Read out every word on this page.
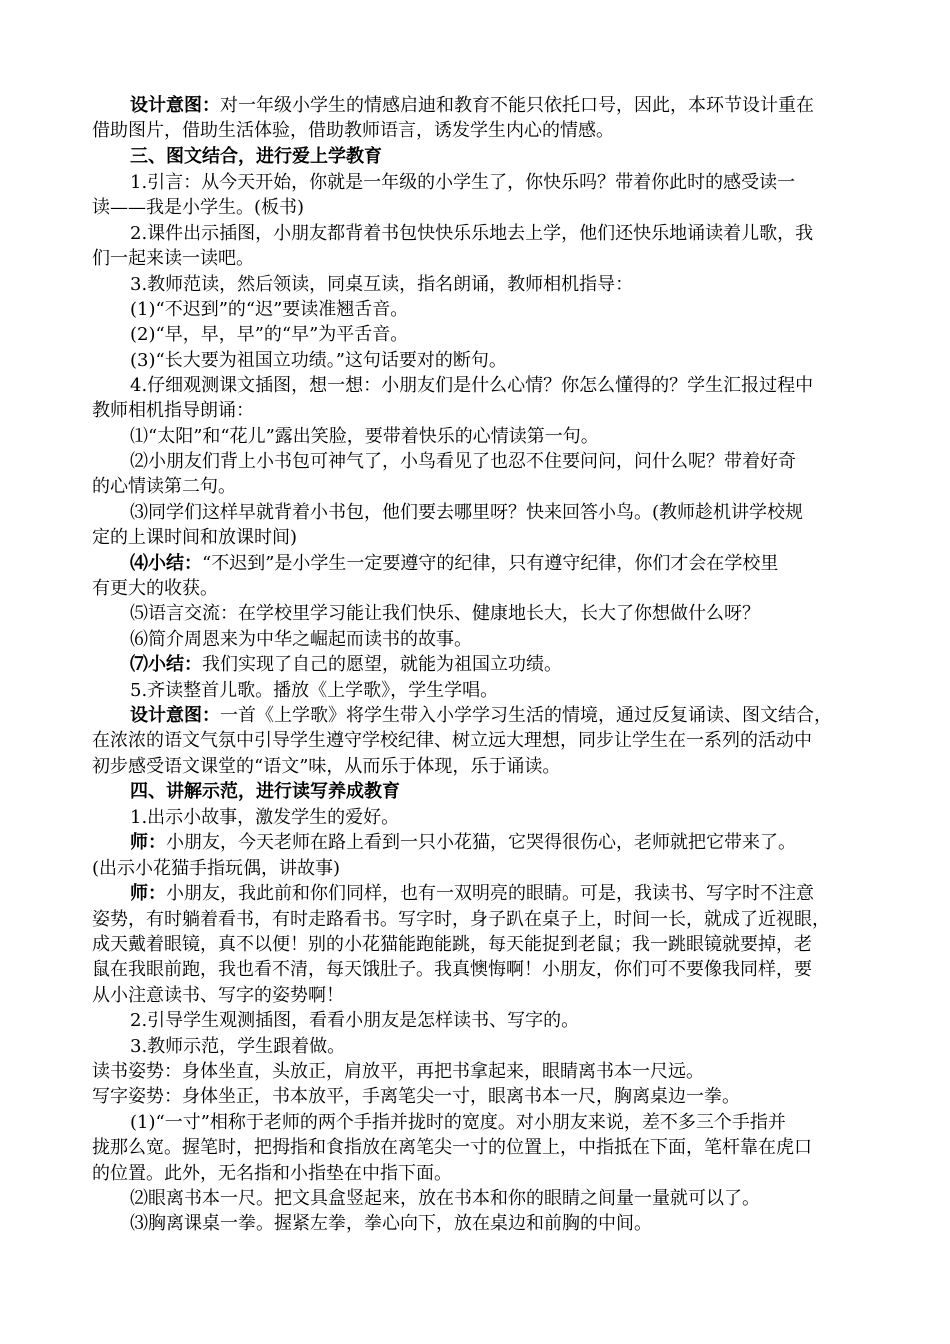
设计意图：对一年级小学生的情感启迪和教育不能只依托口号，因此，本环节设计重在
借助图片，借助生活体验，借助教师语言，诱发学生内心的情感。
三、图文结合，进行爱上学教育
1.引言：从今天开始，你就是一年级的小学生了，你快乐吗？带着你此时的感受读一
读——我是小学生。(板书)
2.课件出示插图，小朋友都背着书包快快乐乐地去上学，他们还快乐地诵读着儿歌，我
们一起来读一读吧。
3.教师范读，然后领读，同桌互读，指名朗诵，教师相机指导：
(1)“不迟到”的“迟”要读准翘舌音。
(2)“早，早，早”的“早”为平舌音。
(3)“长大要为祖国立功绩。”这句话要对的断句。
4.仔细观测课文插图，想一想：小朋友们是什么心情？你怎么懂得的？学生汇报过程中
教师相机指导朗诵：
⑴“太阳”和“花儿”露出笑脸，要带着快乐的心情读第一句。
⑵小朋友们背上小书包可神气了，小鸟看见了也忍不住要问问，问什么呢？带着好奇
的心情读第二句。
⑶同学们这样早就背着小书包，他们要去哪里呀？快来回答小鸟。(教师趁机讲学校规
定的上课时间和放课时间)
⑷小结：“不迟到”是小学生一定要遵守的纪律，只有遵守纪律，你们才会在学校里
有更大的收获。
⑸语言交流：在学校里学习能让我们快乐、健康地长大，长大了你想做什么呀？
⑹简介周恩来为中华之崛起而读书的故事。
⑺小结：我们实现了自己的愿望，就能为祖国立功绩。
5.齐读整首儿歌。播放《上学歌》，学生学唱。
设计意图：一首《上学歌》将学生带入小学学习生活的情境，通过反复诵读、图文结合，
在浓浓的语文气氛中引导学生遵守学校纪律、树立远大理想，同步让学生在一系列的活动中
初步感受语文课堂的“语文”味，从而乐于体现，乐于诵读。
四、讲解示范，进行读写养成教育
1.出示小故事，激发学生的爱好。
师：小朋友，今天老师在路上看到一只小花猫，它哭得很伤心，老师就把它带来了。
(出示小花猫手指玩偶，讲故事)
师：小朋友，我此前和你们同样，也有一双明亮的眼睛。可是，我读书、写字时不注意
姿势，有时躺着看书，有时走路看书。写字时，身子趴在桌子上，时间一长，就成了近视眼，
成天戴着眼镜，真不以便！别的小花猫能跑能跳，每天能捉到老鼠；我一跳眼镜就要掉，老
鼠在我眼前跑，我也看不清，每天饿肚子。我真懊悔啊！小朋友，你们可不要像我同样，要
从小注意读书、写字的姿势啊！
2.引导学生观测插图，看看小朋友是怎样读书、写字的。
3.教师示范，学生跟着做。
读书姿势：身体坐直，头放正，肩放平，再把书拿起来，眼睛离书本一尺远。
写字姿势：身体坐正，书本放平，手离笔尖一寸，眼离书本一尺，胸离桌边一拳。
(1)“一寸”相称于老师的两个手指并拢时的宽度。对小朋友来说，差不多三个手指并
拢那么宽。握笔时，把拇指和食指放在离笔尖一寸的位置上，中指抵在下面，笔杆靠在虎口
的位置。此外，无名指和小指垫在中指下面。
⑵眼离书本一尺。把文具盒竖起来，放在书本和你的眼睛之间量一量就可以了。
⑶胸离课桌一拳。握紧左拳，拳心向下，放在桌边和前胸的中间。
